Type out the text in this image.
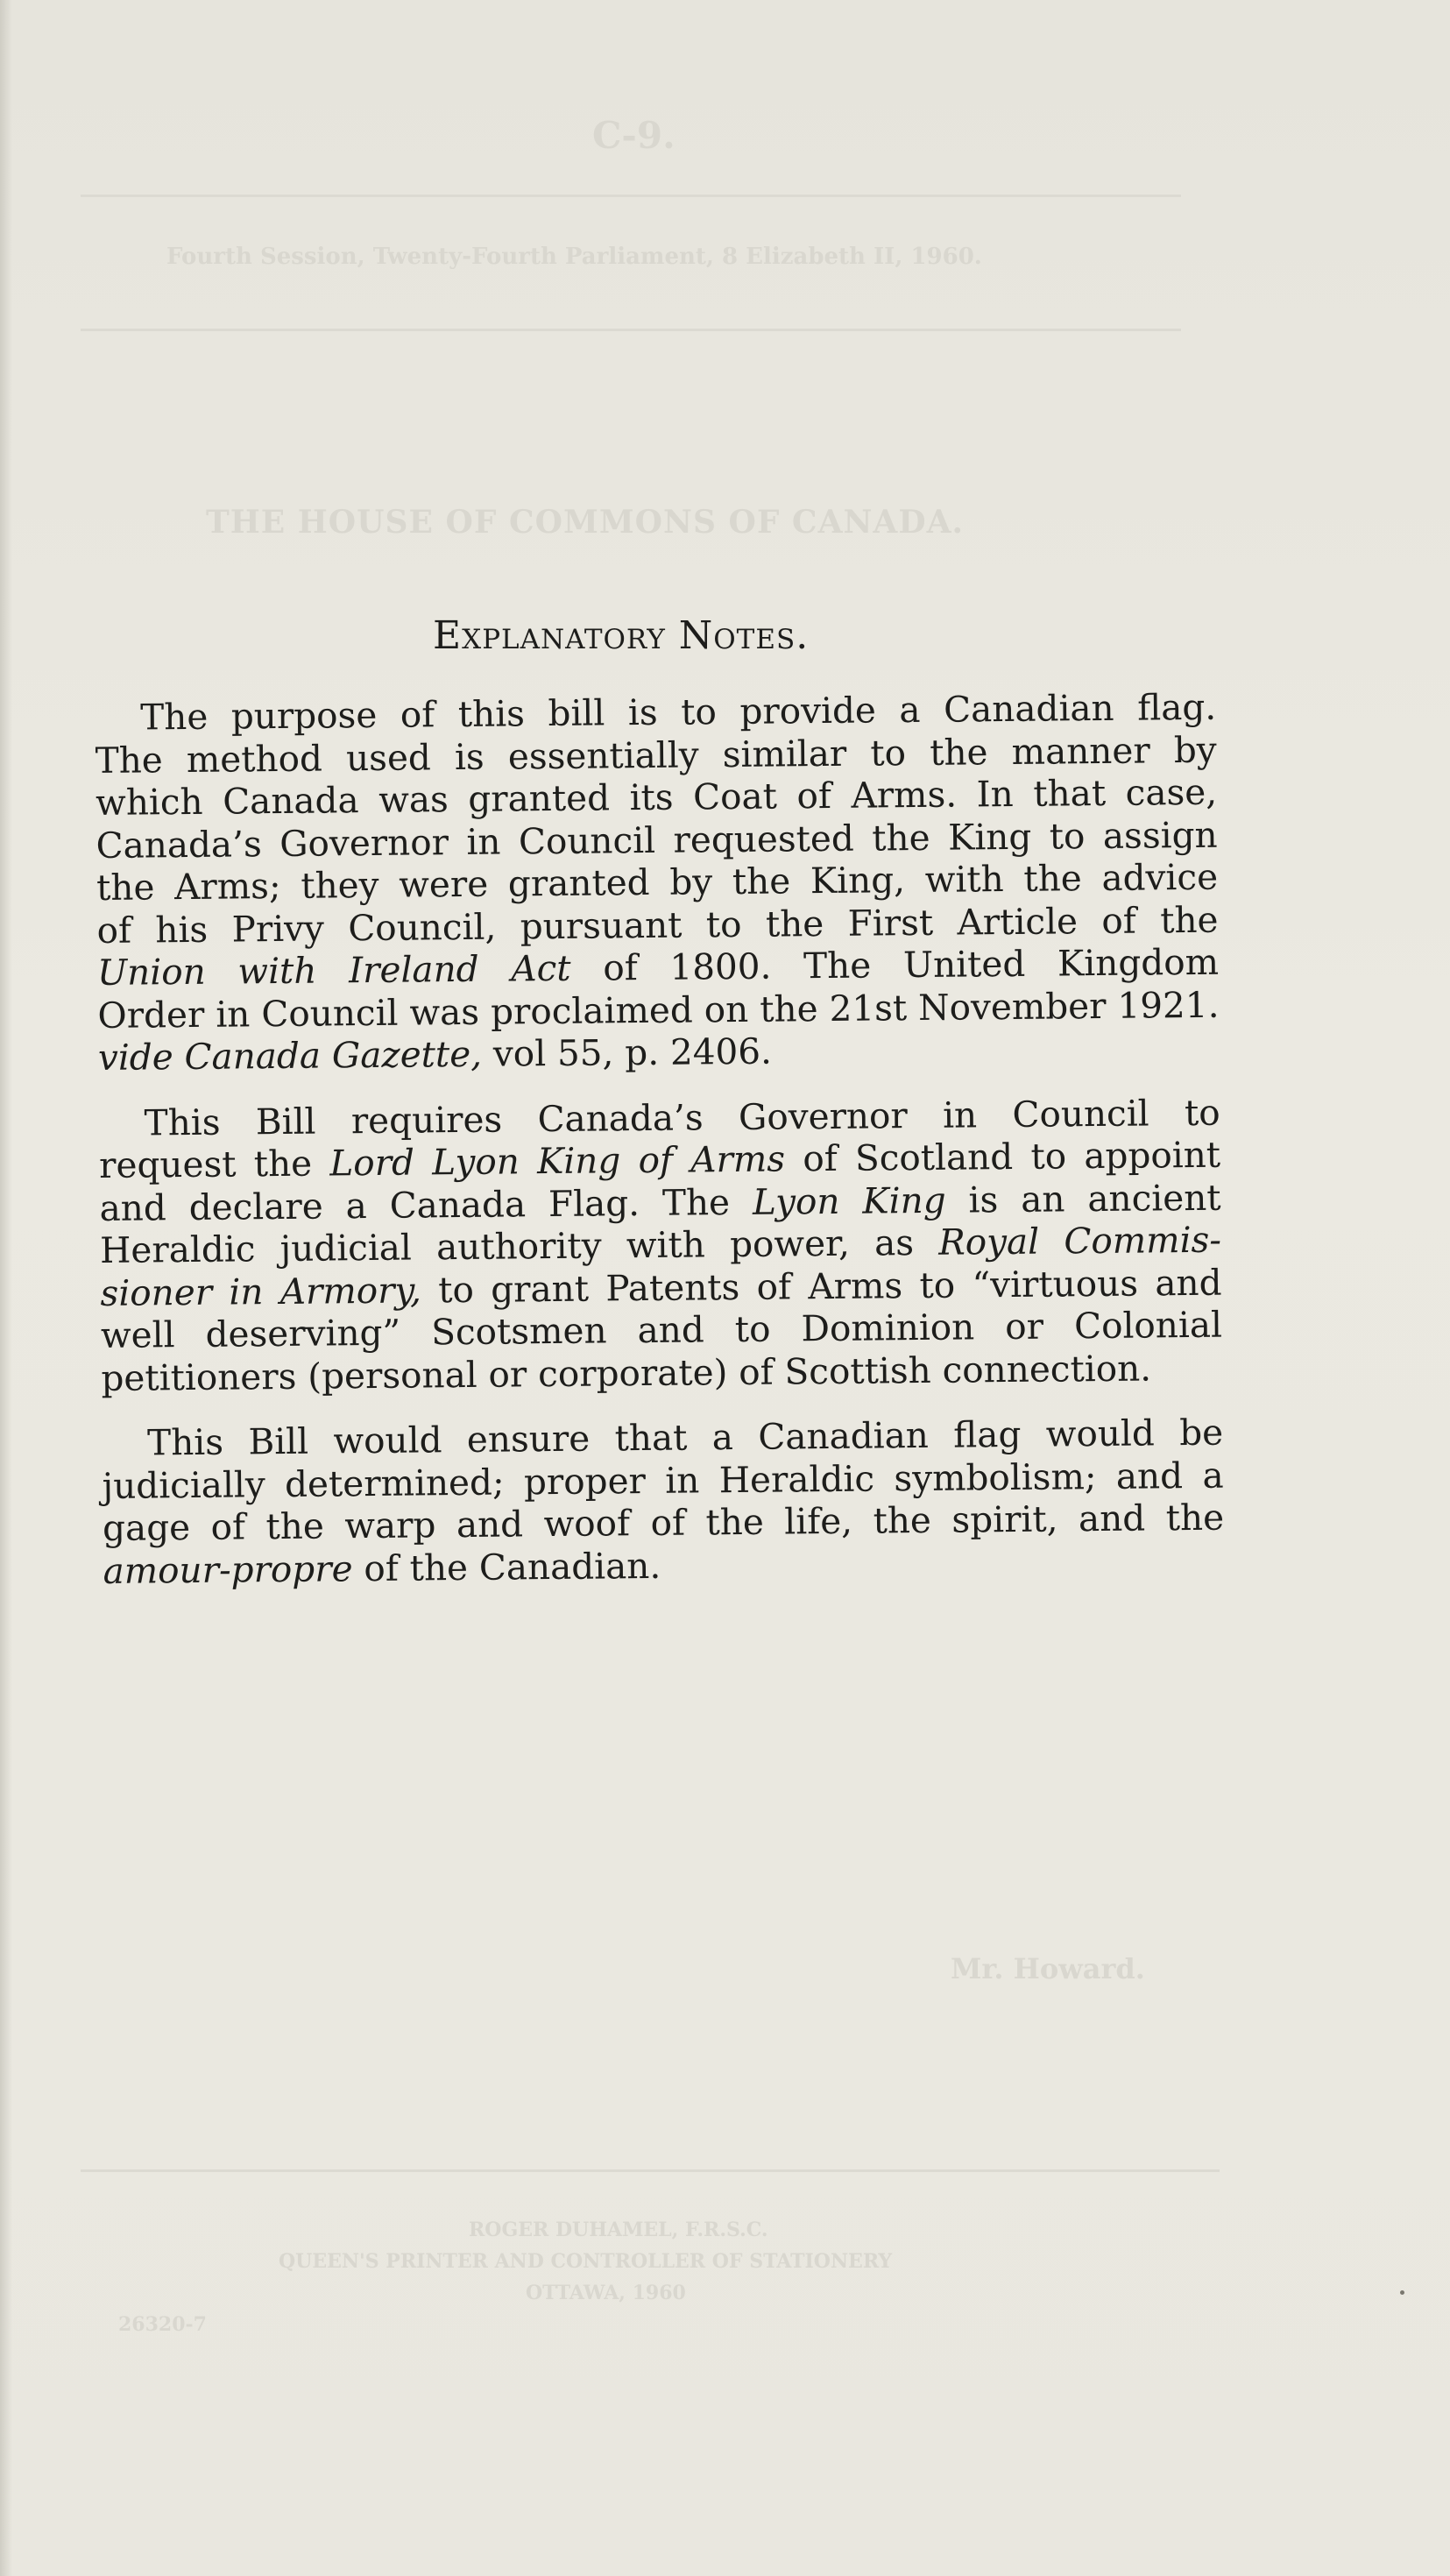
C-9.
Fourth Session, Twenty-Fourth Parliament, 8 Elizabeth II, 1960.
THE HOUSE OF COMMONS OF CANADA.
Mr. Howard.
ROGER DUHAMEL, F.R.S.C.
QUEEN'S PRINTER AND CONTROLLER OF STATIONERY
OTTAWA, 1960
26320-7
Explanatory Notes.
The purpose of this bill is to provide a Canadian flag.
The method used is essentially similar to the manner by
which Canada was granted its Coat of Arms. In that case,
Canada’s Governor in Council requested the King to assign
the Arms; they were granted by the King, with the advice
of his Privy Council, pursuant to the First Article of the
Union with Ireland Act of 1800. The United Kingdom
Order in Council was proclaimed on the 21st November 1921.
vide Canada Gazette, vol 55, p. 2406.
This Bill requires Canada’s Governor in Council to
request the Lord Lyon King of Arms of Scotland to appoint
and declare a Canada Flag. The Lyon King is an ancient
Heraldic judicial authority with power, as Royal Commis-
sioner in Armory, to grant Patents of Arms to “virtuous and
well deserving” Scotsmen and to Dominion or Colonial
petitioners (personal or corporate) of Scottish connection.
This Bill would ensure that a Canadian flag would be
judicially determined; proper in Heraldic symbolism; and a
gage of the warp and woof of the life, the spirit, and the
amour-propre of the Canadian.
